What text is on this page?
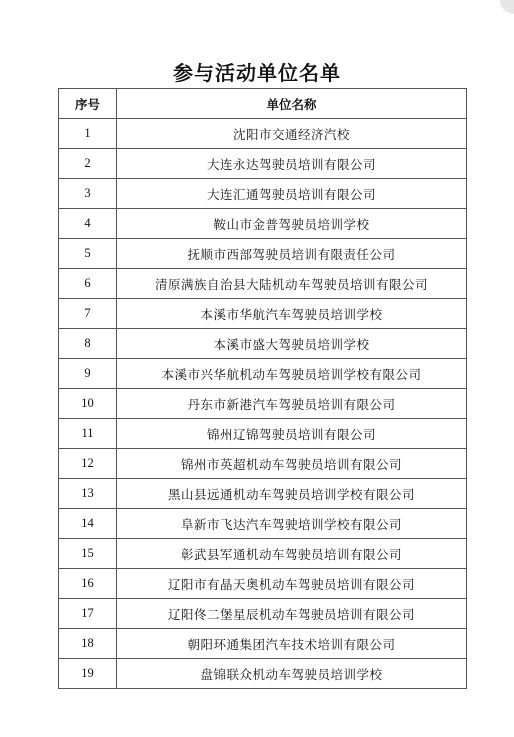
参与活动单位名单
序号	单位名称
1	沈阳市交通经济汽校
2	大连永达驾驶员培训有限公司
3	大连汇通驾驶员培训有限公司
4	鞍山市金普驾驶员培训学校
5	抚顺市西部驾驶员培训有限责任公司
6	清原满族自治县大陆机动车驾驶员培训有限公司
7	本溪市华航汽车驾驶员培训学校
8	本溪市盛大驾驶员培训学校
9	本溪市兴华航机动车驾驶员培训学校有限公司
10	丹东市新港汽车驾驶员培训有限公司
11	锦州辽锦驾驶员培训有限公司
12	锦州市英超机动车驾驶员培训有限公司
13	黑山县远通机动车驾驶员培训学校有限公司
14	阜新市飞达汽车驾驶培训学校有限公司
15	彰武县军通机动车驾驶员培训有限公司
16	辽阳市有晶天奥机动车驾驶员培训有限公司
17	辽阳佟二堡星辰机动车驾驶员培训有限公司
18	朝阳环通集团汽车技术培训有限公司
19	盘锦联众机动车驾驶员培训学校
